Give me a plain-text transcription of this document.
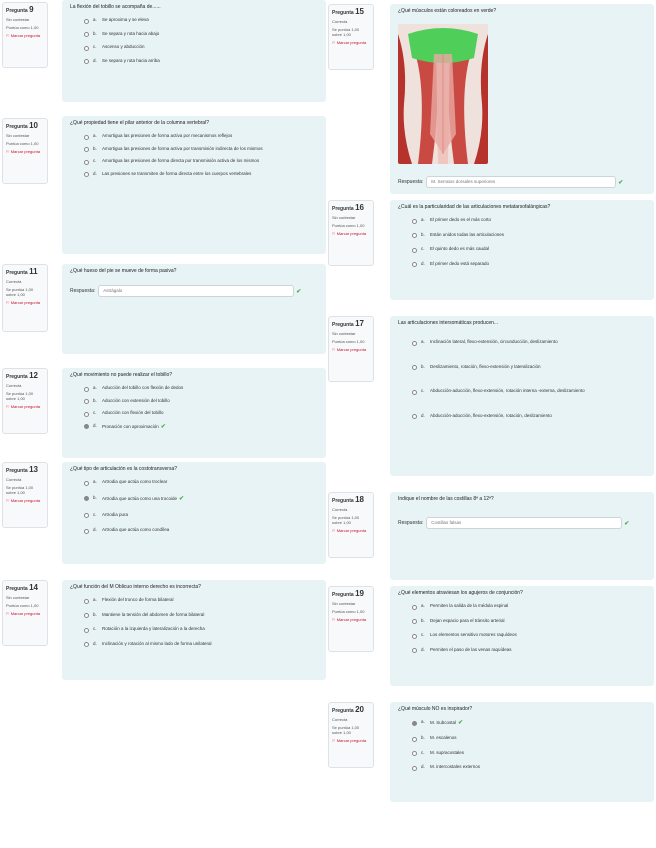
Pregunta 9
Sin contestar
Puntúa como 1,00
⚐ Marcar pregunta
La flexión del tobillo se acompaña de......
a.	Se aproxima y se eleva
b.	Se separa y rota hacia abajo
c.	Ascenso y abducción
d.	Se separa y rota hacia arriba
Pregunta 10
Sin contestar
Puntúa como 1,00
⚐ Marcar pregunta
¿Qué propiedad tiene el pilar anterior de la columna vertebral?
a.	Amortigua las presiones de forma activa por mecanismos reflejos
b.	Amortigua las presiones de forma activa por transmisión indirecta de los mismos
c.	Amortigua las presiones de forma directa por transmisión activa de los mismos
d.	Las presiones se transmiten de forma directa entre los cuerpos vertebrales
Pregunta 11
Correcta
Se puntúa 1,00 sobre 1,00
⚐ Marcar pregunta
¿Qué hueso del pie se mueve de forma pasiva?
Respuesta:	Astrágalo	✔
Pregunta 12
Correcta
Se puntúa 1,00 sobre 1,00
⚐ Marcar pregunta
¿Qué movimiento no puede realizar el tobillo?
a.	Aducción del tobillo con flexión de dedos
b.	Aducción con extensión del tobillo
c.	Aducción con flexión del tobillo
d.	Pronación con aproximación ✔
Pregunta 13
Correcta
Se puntúa 1,00 sobre 1,00
⚐ Marcar pregunta
¿Qué tipo de articulación es la costotransversa?
a.	Artrodia que actúa como troclear
b.	Artrodia que actúa como una trocoide ✔
c.	Artrodia pura
d.	Artrodia que actúa como condílea
Pregunta 14
Sin contestar
Puntúa como 1,00
⚐ Marcar pregunta
¿Qué función del M Oblicuo interno derecho es incorrecta?
a.	Flexión del tronco de forma bilateral
b.	Mantiene la tensión del abdomen de forma bilateral
c.	Rotación a la izquierda y lateralización a la derecha
d.	Inclinación y rotación al mismo lado de forma unilateral
Pregunta 15
Correcta
Se puntúa 1,00 sobre 1,00
⚐ Marcar pregunta
¿Qué músculos están coloreados en verde?
Respuesta:	M. Serratos dorsales superiores	✔
Pregunta 16
Sin contestar
Puntúa como 1,00
⚐ Marcar pregunta
¿Cuál es la particularidad de las articulaciones metatarsofalángicas?
a.	El primer dedo es el más corto
b.	Están unidos todas las articulaciones
c.	El quinto dedo es más caudal
d.	El primer dedo está separado
Pregunta 17
Sin contestar
Puntúa como 1,00
⚐ Marcar pregunta
Las articulaciones intersomáticas producen...
a.	Inclinación lateral, flexo-extensión, circunducción, deslizamiento
b.	Deslizamiento, rotación, flexo-extensión y lateralización
c.	Abducción-aducción, flexo-extensión, rotación interna -externa, deslizamiento
d.	Abducción-aducción, flexo-extensión, rotación, deslizamiento
Pregunta 18
Correcta
Se puntúa 1,00 sobre 1,00
⚐ Marcar pregunta
Indique el nombre de las costillas 8ª a 12ª?
Respuesta:	Costillas falsas	✔
Pregunta 19
Sin contestar
Puntúa como 1,00
⚐ Marcar pregunta
¿Qué elementos atraviesan los agujeros de conjunción?
a.	Permiten la salida de la médula espinal
b.	Dejan espacio para el tránsito arterial
c.	Los elementos sensitivo motores raquídeos
d.	Permiten el paso de las venas raquídeas
Pregunta 20
Correcta
Se puntúa 1,00 sobre 1,00
⚐ Marcar pregunta
¿Qué músculo NO es inspirador?
a.	M. Subcostal ✔
b.	M. escalenos
c.	M. supracostales
d.	M. intercostales externos
